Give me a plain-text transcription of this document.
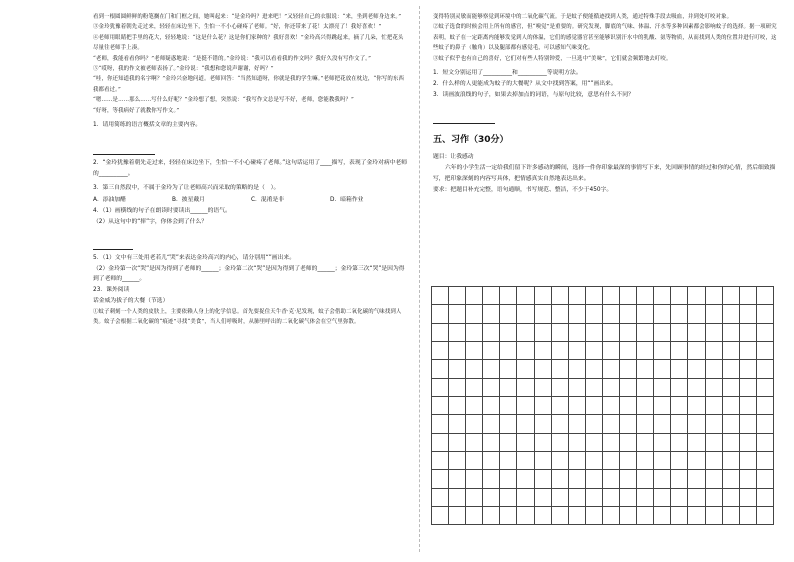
看到一根圆圆鲜鲜的粉笔搁在门和门框之间，她叫起来：“是金玲吗？进来吧！”又轻轻自己的衣服说：“来，坐到老师身边来。”

③金玲犹豫着朝先走过来，轻轻在床边坐下，生怕一不小心碰疼了老师。“好，你还带来了花！太漂亮了！我好喜欢！”

④老师用眼睛把手里的花大，轻轻地说：“这是什么花？这是你们家种的？我好喜欢！”金玲高兴得跳起来，摘了几朵，忙把花头尽量往老师手上凑。

“老师，我能看看你吗？”老师疑惑地说：“是挺不错的。”金玲说：“我可以看看我的作文吗？我好久没有写作文了。”

⑤“哎呀，我的作文被老师表扬了。”金玲说：“我想和您说声谢谢，好吗？”

“哇，你还知道我的名字啊？”金玲兴奋地问道。老师回答：“当然知道呀，你就是我的学生嘛。”老师把花放在枕边，“你写的东西我都看过。”

“嗯……是……那么……写什么好呢？”金玲想了想，突然说：“我写作文总是写不好，老师，您能教我吗？”

“好呀，等我病好了就教你写作文。”

1．请用简练的语言概括文章的主要内容。

2．“金玲犹豫着朝先走过来，轻轻在床边坐下，生怕一不小心碰疼了老师。”这句话运用了____描写，表现了金玲对病中老师的__________。

3．第三自然段中，不属于金玲为了让老师高兴而采取的策略的是（　）。

A．添油加醋	B．披星戴月	C．混淆是非	D．暗箱作业

4．（1）画横线的句子在朗读时要读出______的语气。

（2）从这句中的“摔”字，你体会到了什么？

5．（1）文中有三处用老若儿“哭”来表达金玲高兴的内心，请分别用“”画出来。

（2）金玲第一次“哭”是因为得到了老师的______；金玲第二次“哭”是因为得到了老师的______；金玲第三次“哭”是因为得到了老师的______。

23．课外阅读

话金威为拔子的大餐（节选）

①蚊子刺刻一个人类的皮肤上，主要依赖人身上的化学信息。首先要捉住天牛香·克·尼发现，蚊子会借助二氧化碳的气味找到人类。蚊子会根据二氧化碳的“痕迹”寻找“美食”，当人们呼吸时，从肺里呼出的二氧化碳气体会在空气里弥散。

变得特别灵敏而能够察觉到环境中的二氧化碳气流。于是蚊子便能循迹找到人类，通过特殊手段去吸血，并到处叮咬对象。

②蚊子选食的时候会用上所有的感官，但“嗅觉”是重要的。研究发现，脚底的气味、体温、汗水等多种因素都会影响蚊子的选择。据一项研究表明，蚊子在一定距离内能够发觉到人的体温，它们的感觉器官甚至能够识别汗水中的乳酸、氨等物质，从而找到人类的位置并进行叮咬，这些蚊子的鼻子（触角）以及腿部都有感觉毛，可以感知气味变化。

③蚊子似乎也有自己的喜好，它们对有些人特别钟爱，一旦选中“美味”，它们就会频繁地去叮咬。

1．短文分别运用了__________和__________等说明方法。

2．什么样的人更能成为蚊子的大餐呢？从文中找到答案，用“”画出来。

3．读画波浪线的句子，如果去掉加点的词语，与原句比较，意思有什么不同？

五、习作（30分）

题目：让我感动

六年的小学生活一定给我们留下许多感动的瞬间，选择一件你印象最深的事情写下来，先回顾事情的经过和你的心情，然后细致描写，把印象深刻的内容写具体，把情感真实自然地表达出来。

要求：把题目补充完整，语句通顺，书写规范、整洁，不少于450字。
